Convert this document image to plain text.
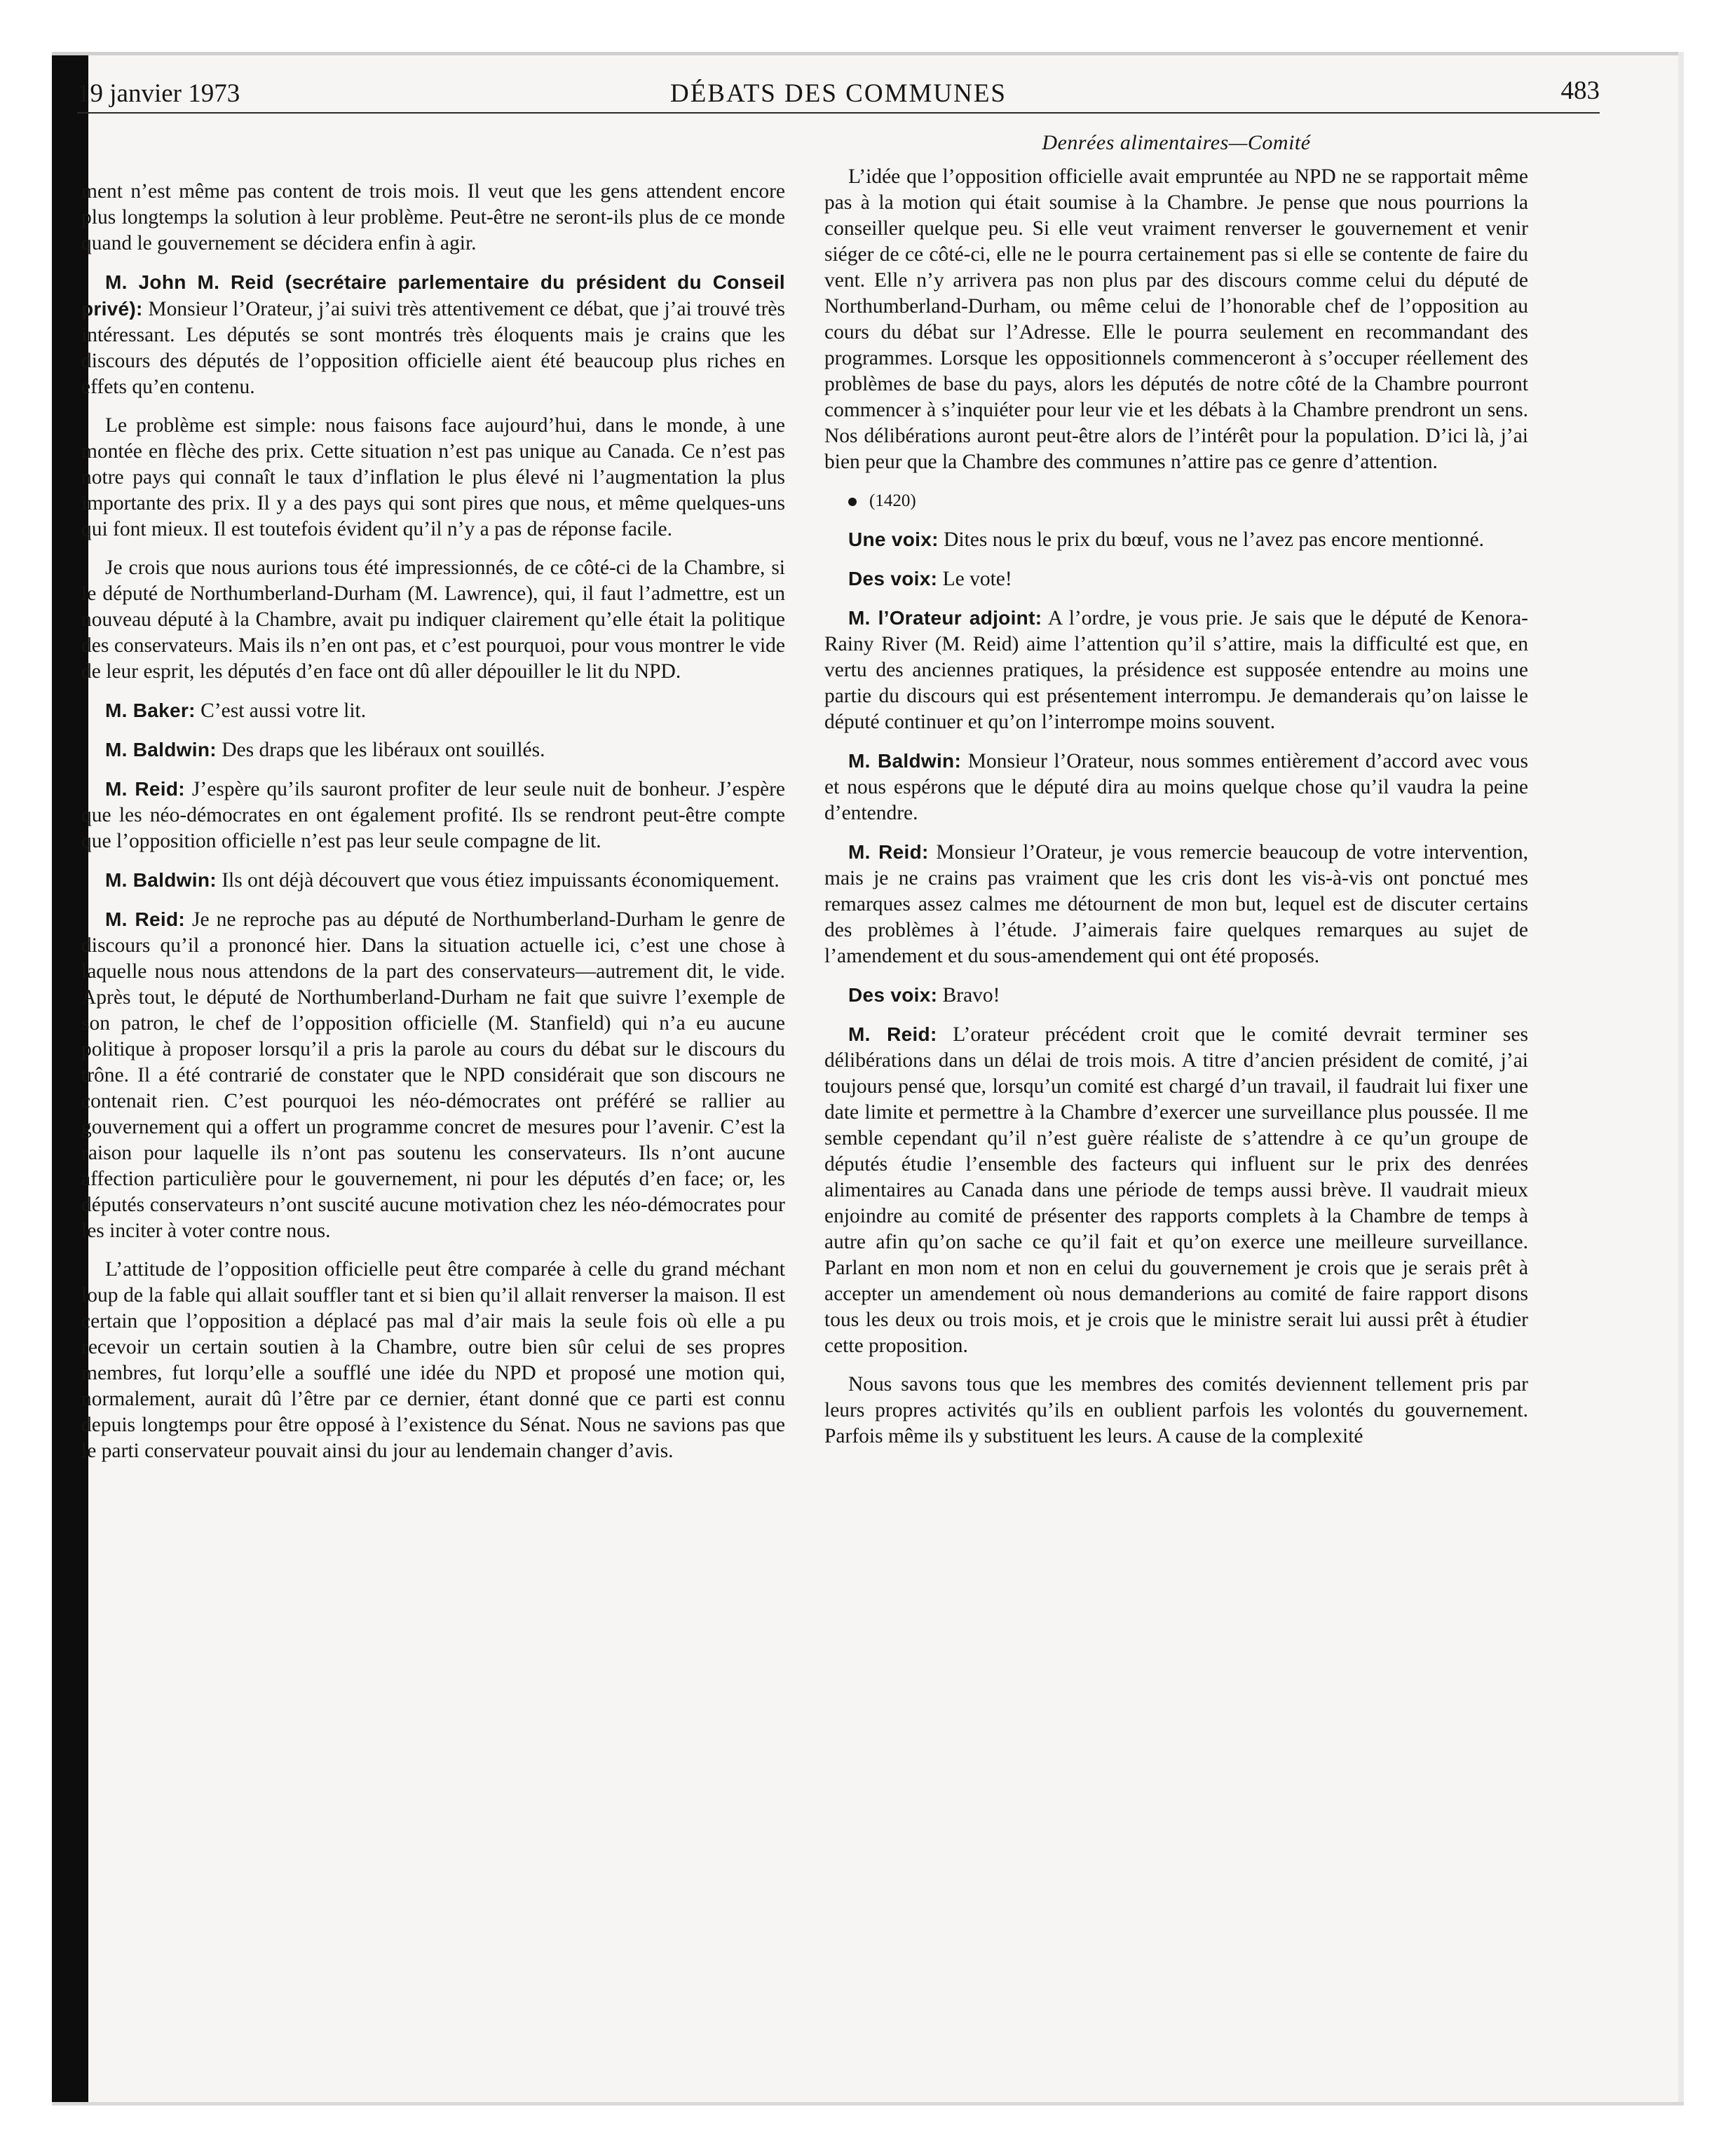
19 janvier 1973	DÉBATS DES COMMUNES	483

ment n’est même pas content de trois mois. Il veut que les gens attendent encore plus longtemps la solution à leur problème. Peut-être ne seront-ils plus de ce monde quand le gouvernement se décidera enfin à agir.

M. John M. Reid (secrétaire parlementaire du président du Conseil privé): Monsieur l’Orateur, j’ai suivi très attentivement ce débat, que j’ai trouvé très intéressant. Les députés se sont montrés très éloquents mais je crains que les discours des députés de l’opposition officielle aient été beaucoup plus riches en effets qu’en contenu.

Le problème est simple: nous faisons face aujourd’hui, dans le monde, à une montée en flèche des prix. Cette situation n’est pas unique au Canada. Ce n’est pas notre pays qui connaît le taux d’inflation le plus élevé ni l’augmentation la plus importante des prix. Il y a des pays qui sont pires que nous, et même quelques-uns qui font mieux. Il est toutefois évident qu’il n’y a pas de réponse facile.

Je crois que nous aurions tous été impressionnés, de ce côté-ci de la Chambre, si le député de Northumberland-Durham (M. Lawrence), qui, il faut l’admettre, est un nouveau député à la Chambre, avait pu indiquer clairement qu’elle était la politique des conservateurs. Mais ils n’en ont pas, et c’est pourquoi, pour vous montrer le vide de leur esprit, les députés d’en face ont dû aller dépouiller le lit du NPD.

M. Baker: C’est aussi votre lit.

M. Baldwin: Des draps que les libéraux ont souillés.

M. Reid: J’espère qu’ils sauront profiter de leur seule nuit de bonheur. J’espère que les néo-démocrates en ont également profité. Ils se rendront peut-être compte que l’opposition officielle n’est pas leur seule compagne de lit.

M. Baldwin: Ils ont déjà découvert que vous étiez impuissants économiquement.

M. Reid: Je ne reproche pas au député de Northumberland-Durham le genre de discours qu’il a prononcé hier. Dans la situation actuelle ici, c’est une chose à laquelle nous nous attendons de la part des conservateurs—autrement dit, le vide. Après tout, le député de Northumberland-Durham ne fait que suivre l’exemple de son patron, le chef de l’opposition officielle (M. Stanfield) qui n’a eu aucune politique à proposer lorsqu’il a pris la parole au cours du débat sur le discours du trône. Il a été contrarié de constater que le NPD considérait que son discours ne contenait rien. C’est pourquoi les néo-démocrates ont préféré se rallier au gouvernement qui a offert un programme concret de mesures pour l’avenir. C’est la raison pour laquelle ils n’ont pas soutenu les conservateurs. Ils n’ont aucune affection particulière pour le gouvernement, ni pour les députés d’en face; or, les députés conservateurs n’ont suscité aucune motivation chez les néo-démocrates pour les inciter à voter contre nous.

L’attitude de l’opposition officielle peut être comparée à celle du grand méchant loup de la fable qui allait souffler tant et si bien qu’il allait renverser la maison. Il est certain que l’opposition a déplacé pas mal d’air mais la seule fois où elle a pu recevoir un certain soutien à la Chambre, outre bien sûr celui de ses propres membres, fut lorqu’elle a soufflé une idée du NPD et proposé une motion qui, normalement, aurait dû l’être par ce dernier, étant donné que ce parti est connu depuis longtemps pour être opposé à l’existence du Sénat. Nous ne savions pas que le parti conservateur pouvait ainsi du jour au lendemain changer d’avis.

Denrées alimentaires—Comité

L’idée que l’opposition officielle avait empruntée au NPD ne se rapportait même pas à la motion qui était soumise à la Chambre. Je pense que nous pourrions la conseiller quelque peu. Si elle veut vraiment renverser le gouvernement et venir siéger de ce côté-ci, elle ne le pourra certainement pas si elle se contente de faire du vent. Elle n’y arrivera pas non plus par des discours comme celui du député de Northumberland-Durham, ou même celui de l’honorable chef de l’opposition au cours du débat sur l’Adresse. Elle le pourra seulement en recommandant des programmes. Lorsque les oppositionnels commenceront à s’occuper réellement des problèmes de base du pays, alors les députés de notre côté de la Chambre pourront commencer à s’inquiéter pour leur vie et les débats à la Chambre prendront un sens. Nos délibérations auront peut-être alors de l’intérêt pour la population. D’ici là, j’ai bien peur que la Chambre des communes n’attire pas ce genre d’attention.

(1420)

Une voix: Dites nous le prix du bœuf, vous ne l’avez pas encore mentionné.

Des voix: Le vote!

M. l’Orateur adjoint: A l’ordre, je vous prie. Je sais que le député de Kenora-Rainy River (M. Reid) aime l’attention qu’il s’attire, mais la difficulté est que, en vertu des anciennes pratiques, la présidence est supposée entendre au moins une partie du discours qui est présentement interrompu. Je demanderais qu’on laisse le député continuer et qu’on l’interrompe moins souvent.

M. Baldwin: Monsieur l’Orateur, nous sommes entièrement d’accord avec vous et nous espérons que le député dira au moins quelque chose qu’il vaudra la peine d’entendre.

M. Reid: Monsieur l’Orateur, je vous remercie beaucoup de votre intervention, mais je ne crains pas vraiment que les cris dont les vis-à-vis ont ponctué mes remarques assez calmes me détournent de mon but, lequel est de discuter certains des problèmes à l’étude. J’aimerais faire quelques remarques au sujet de l’amendement et du sous-amendement qui ont été proposés.

Des voix: Bravo!

M. Reid: L’orateur précédent croit que le comité devrait terminer ses délibérations dans un délai de trois mois. A titre d’ancien président de comité, j’ai toujours pensé que, lorsqu’un comité est chargé d’un travail, il faudrait lui fixer une date limite et permettre à la Chambre d’exercer une surveillance plus poussée. Il me semble cependant qu’il n’est guère réaliste de s’attendre à ce qu’un groupe de députés étudie l’ensemble des facteurs qui influent sur le prix des denrées alimentaires au Canada dans une période de temps aussi brève. Il vaudrait mieux enjoindre au comité de présenter des rapports complets à la Chambre de temps à autre afin qu’on sache ce qu’il fait et qu’on exerce une meilleure surveillance. Parlant en mon nom et non en celui du gouvernement je crois que je serais prêt à accepter un amendement où nous demanderions au comité de faire rapport disons tous les deux ou trois mois, et je crois que le ministre serait lui aussi prêt à étudier cette proposition.

Nous savons tous que les membres des comités deviennent tellement pris par leurs propres activités qu’ils en oublient parfois les volontés du gouvernement. Parfois même ils y substituent les leurs. A cause de la complexité
